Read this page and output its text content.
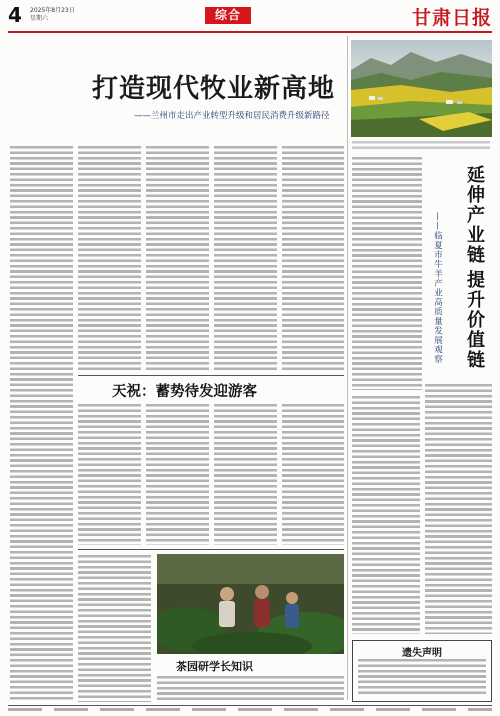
4 2025年8月23日
星期六	综合	甘肃日报
打造现代牧业新高地
——兰州市走出产业转型升级和居民消费升级新路径
天祝：蓄势待发迎游客
茶园研学长知识
延伸产业链
提升价值链
——临夏市牛羊产业高质量发展观察
遗失声明
